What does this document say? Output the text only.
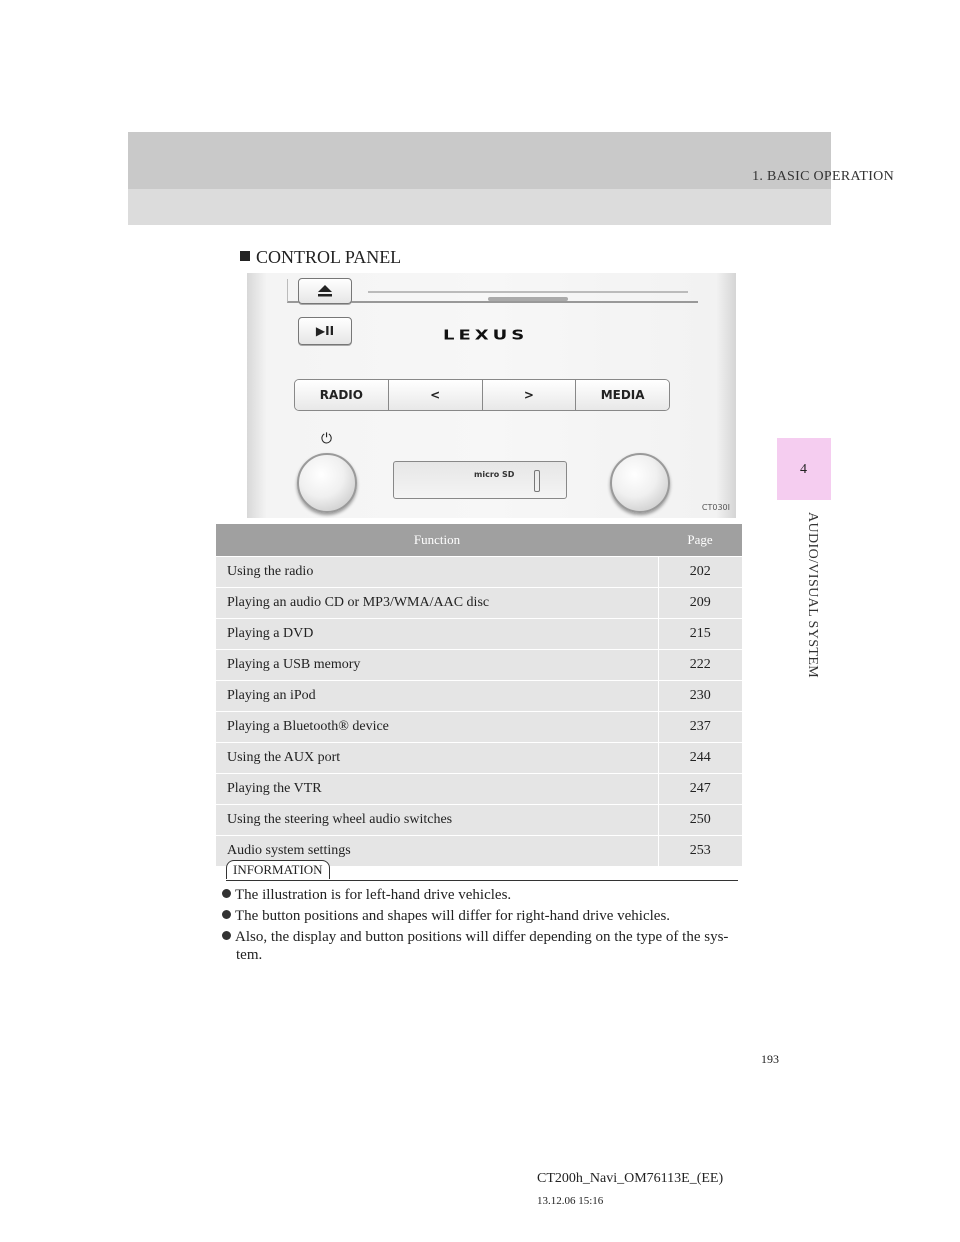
1. BASIC OPERATION
4
AUDIO/VISUAL SYSTEM
CONTROL PANEL
▶II	LEXUS
RADIO	<	>	MEDIA
⏻
micro SD
CT030I
Function	Page
Using the radio	202
Playing an audio CD or MP3/WMA/AAC disc	209
Playing a DVD	215
Playing a USB memory	222
Playing an iPod	230
Playing a Bluetooth® device	237
Using the AUX port	244
Playing the VTR	247
Using the steering wheel audio switches	250
Audio system settings	253
INFORMATION
The illustration is for left-hand drive vehicles.
The button positions and shapes will differ for right-hand drive vehicles.
Also, the display and button positions will differ depending on the type of the sys-
tem.
193
CT200h_Navi_OM76113E_(EE)
13.12.06 15:16
